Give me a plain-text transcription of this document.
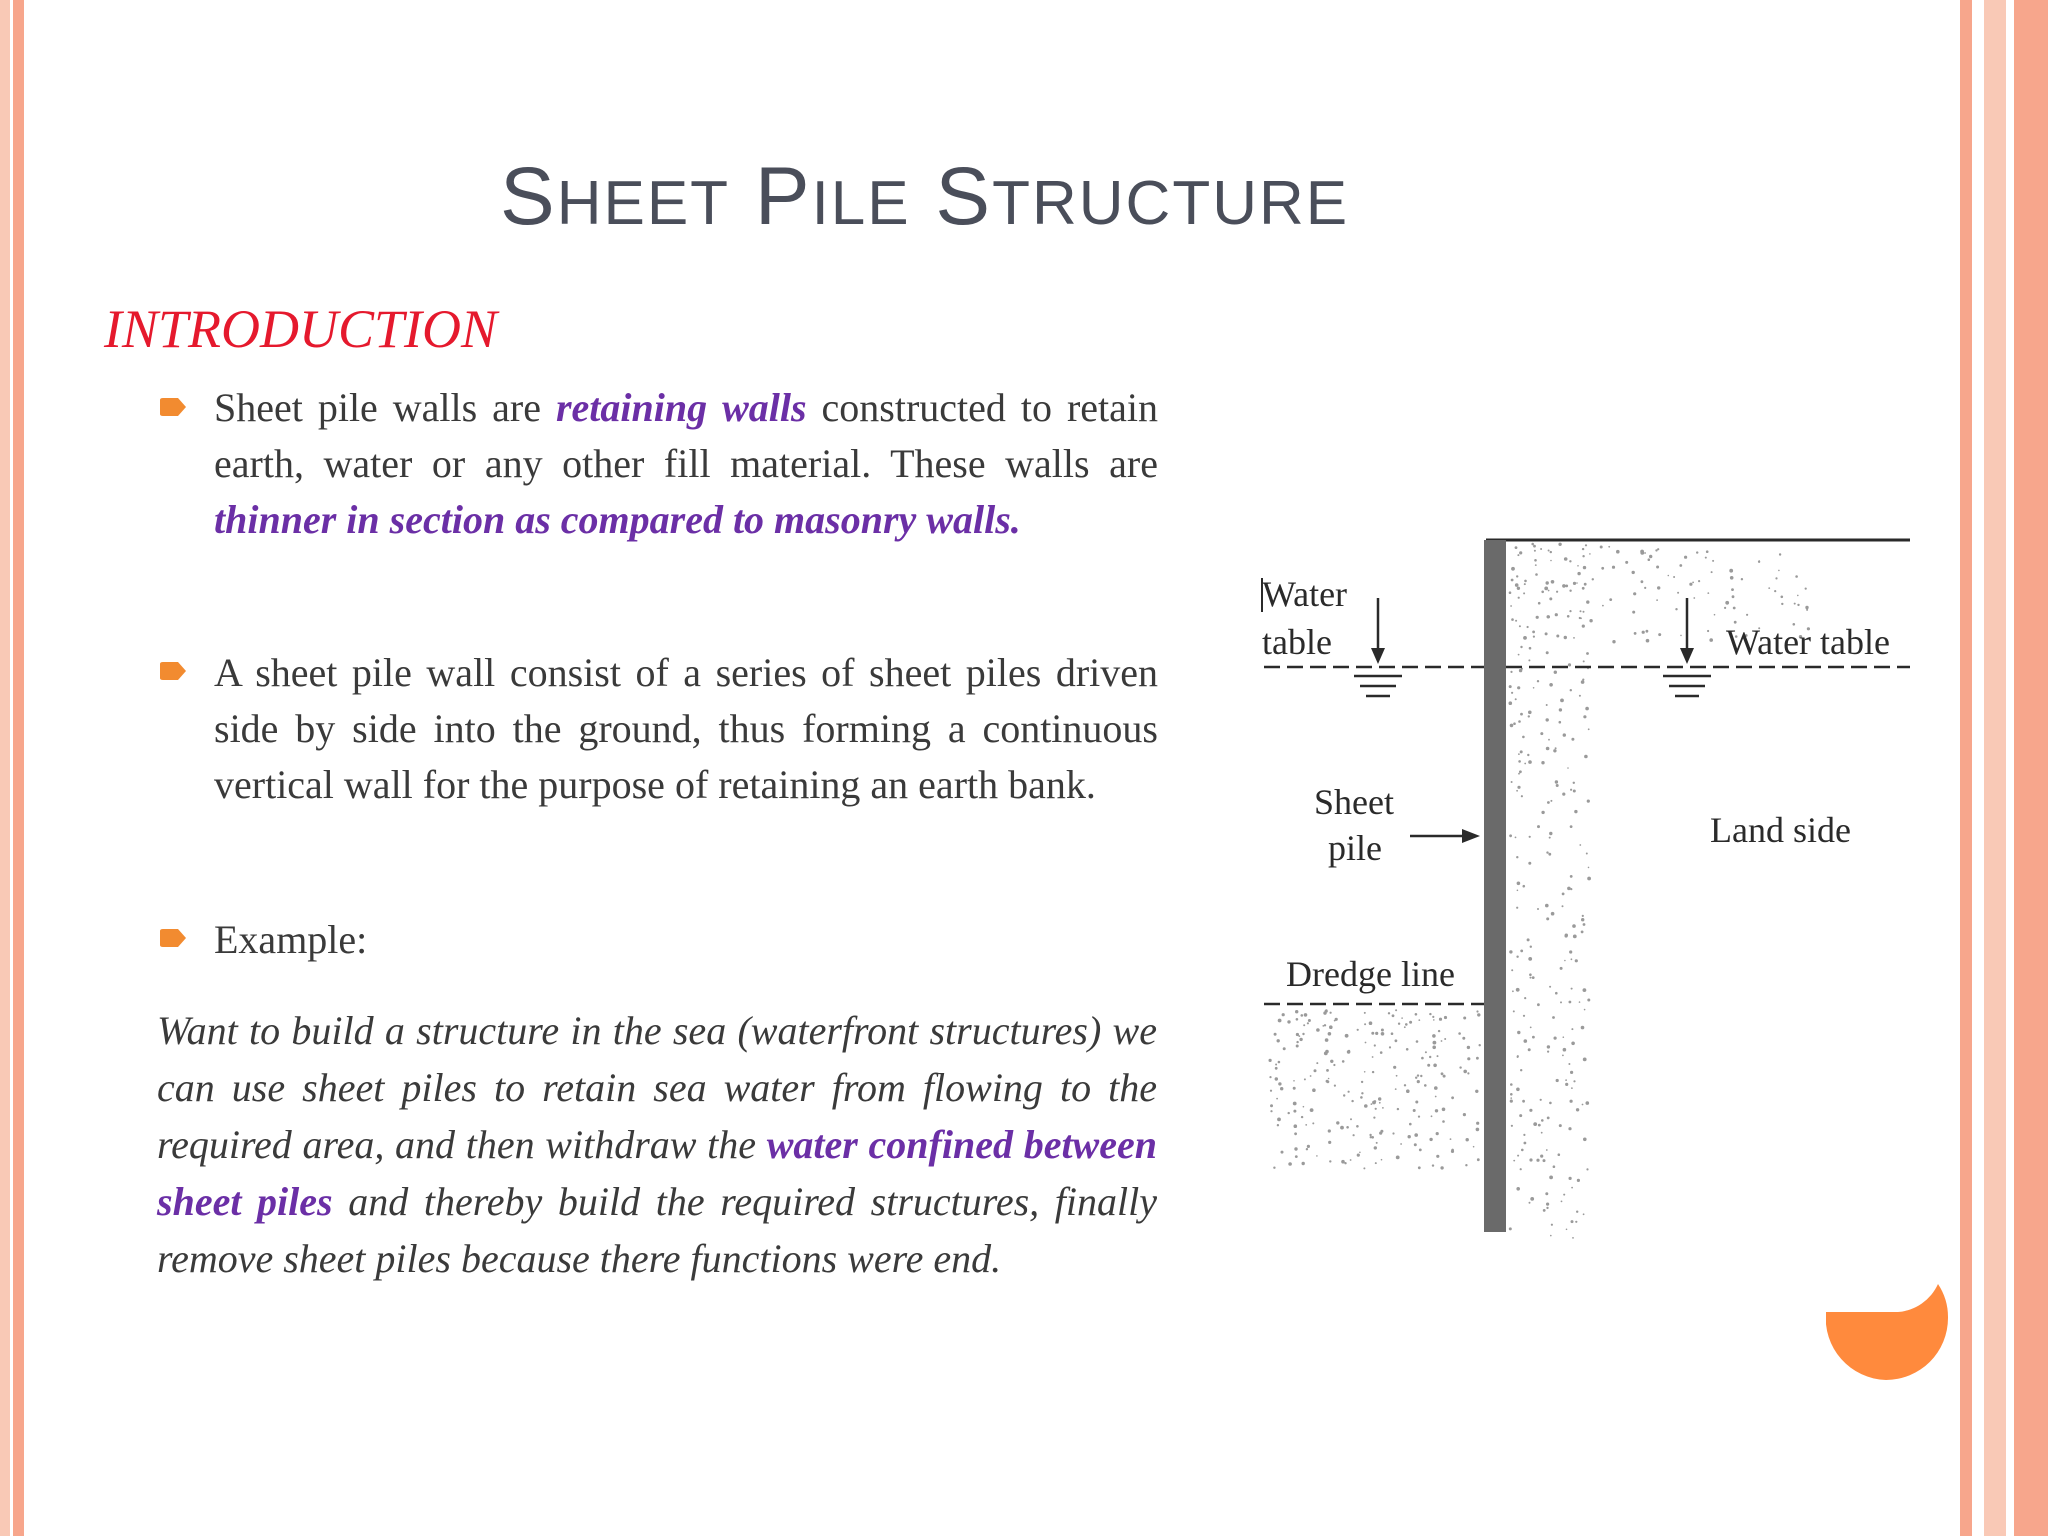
SHEET PILE STRUCTURE
INTRODUCTION
Sheet pile walls are retaining walls constructed to retain earth, water or any other fill material. These walls are thinner in section as compared to masonry walls.
A sheet pile wall consist of a series of sheet piles driven side by side into the ground, thus forming a continuous vertical wall for the purpose of retaining an earth bank.
Example:
Want to build a structure in the sea (waterfront structures) we can use sheet piles to retain sea water from flowing to the required area, and then withdraw the water confined between sheet piles and thereby build the required structures, finally remove sheet piles because there functions were end.
Water
table	Water table
Sheet
pile	Land side
Dredge line
